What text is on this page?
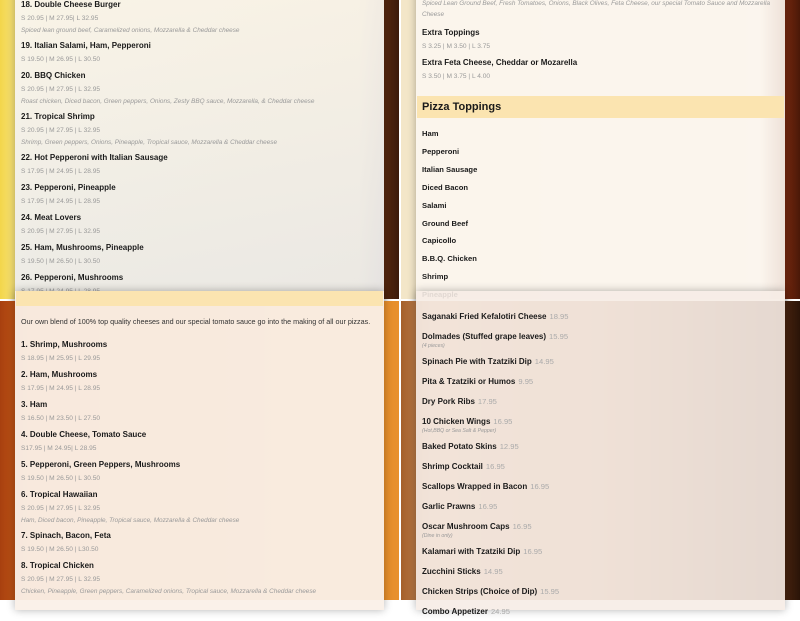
18. Double Cheese Burger
S 20.95 | M 27.95| L 32.95
Spiced lean ground beef, Caramelized onions, Mozzarella & Cheddar cheese
19. Italian Salami, Ham, Pepperoni
S 19.50 | M 26.95 | L 30.50
20. BBQ Chicken
S 20.95 | M 27.95 | L 32.95
Roast chicken, Diced bacon, Green peppers, Onions, Zesty BBQ sauce, Mozzarella, & Cheddar cheese
21. Tropical Shrimp
S 20.95 | M 27.95 | L 32.95
Shrimp, Green peppers, Onions, Pineapple, Tropical sauce, Mozzarella & Cheddar cheese
22. Hot Pepperoni with Italian Sausage
S 17.95 | M 24.95 | L 28.95
23. Pepperoni, Pineapple
S 17.95 | M 24.95 | L 28.95
24. Meat Lovers
S 20.95 | M 27.95 | L 32.95
25. Ham, Mushrooms, Pineapple
S 19.50 | M 26.50 | L 30.50
26. Pepperoni, Mushrooms
Spiced Lean Ground Beef, Fresh Tomatoes, Onions, Black Olives, Feta Cheese, our special Tomato Sauce and Mozzarella Cheese
Extra Toppings
S 3.25 | M 3.50 | L 3.75
Extra Feta Cheese, Cheddar or Mozarella
S 3.50 | M 3.75 | L 4.00
Pizza Toppings
Ham
Pepperoni
Italian Sausage
Diced Bacon
Salami
Ground Beef
Capicollo
B.B.Q. Chicken
Shrimp

Our own blend of 100% top quality cheeses and our special tomato sauce go into the making of all our pizzas.

1. Shrimp, Mushrooms
S 18.95 | M 25.95 | L 29.95
2. Ham, Mushrooms
S 17.95 | M 24.95 | L 28.95
3. Ham
S 16.50 | M 23.50 | L 27.50
4. Double Cheese, Tomato Sauce
S17.95 | M 24.95| L 28.95
5. Pepperoni, Green Peppers, Mushrooms
S 19.50 | M 26.50 | L 30.50
6. Tropical Hawaiian
S 20.95 | M 27.95 | L 32.95
Ham, Diced bacon, Pineapple, Tropical sauce, Mozzarella & Cheddar cheese
7. Spinach, Bacon, Feta
S 19.50 | M 26.50 | L30.50
8. Tropical Chicken
S 20.95 | M 27.95 | L 32.95
Chicken, Pineapple, Green peppers, Caramelized onions, Tropical sauce, Mozzarella & Cheddar cheese
Saganaki Fried Kefalotiri Cheese 18.95
Dolmades (Stuffed grape leaves) 15.95
(4 pieces)
Spinach Pie with Tzatziki Dip 14.95
Pita & Tzatziki or Humos 9.95
Dry Pork Ribs 17.95
10 Chicken Wings 16.95
(Hot,BBQ or Sea Salt & Pepper)
Baked Potato Skins 12.95
Shrimp Cocktail 16.95
Scallops Wrapped in Bacon 16.95
Garlic Prawns 16.95
Oscar Mushroom Caps 16.95
(Dine in only)
Kalamari with Tzatziki Dip 16.95
Zucchini Sticks 14.95
Chicken Strips (Choice of Dip) 15.95
Combo Appetizer 24.95
